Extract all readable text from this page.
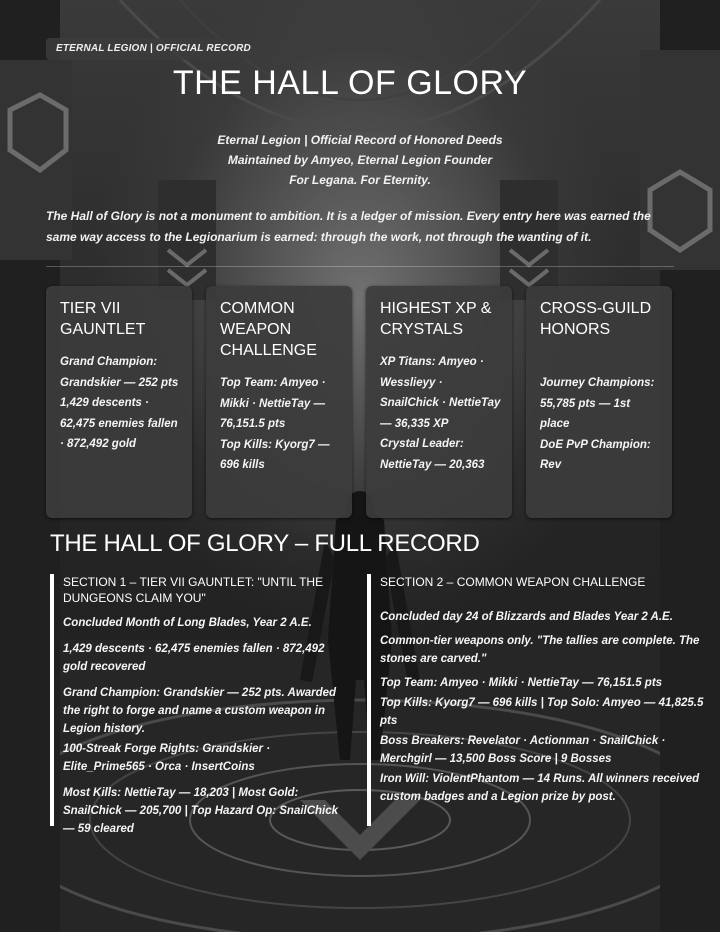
ETERNAL LEGION | OFFICIAL RECORD
THE HALL OF GLORY
Eternal Legion | Official Record of Honored Deeds
Maintained by Amyeo, Eternal Legion Founder
For Legana. For Eternity.
The Hall of Glory is not a monument to ambition. It is a ledger of mission. Every entry here was earned the same way access to the Legionarium is earned: through the work, not through the wanting of it.
TIER VII GAUNTLET
Grand Champion: Grandskier — 252 pts
1,429 descents · 62,475 enemies fallen · 872,492 gold
COMMON WEAPON CHALLENGE
Top Team: Amyeo · Mikki · NettieTay — 76,151.5 pts
Top Kills: Kyorg7 — 696 kills
HIGHEST XP & CRYSTALS
XP Titans: Amyeo · Wesslieyy · SnailChick · NettieTay — 36,335 XP
Crystal Leader: NettieTay — 20,363
CROSS-GUILD HONORS
Journey Champions: 55,785 pts — 1st place
DoE PvP Champion: Rev
THE HALL OF GLORY – FULL RECORD
SECTION 1 – TIER VII GAUNTLET: "UNTIL THE DUNGEONS CLAIM YOU"
Concluded Month of Long Blades, Year 2 A.E.
1,429 descents · 62,475 enemies fallen · 872,492 gold recovered
Grand Champion: Grandskier — 252 pts. Awarded the right to forge and name a custom weapon in Legion history.
100-Streak Forge Rights: Grandskier · Elite_Prime565 · Orca · InsertCoins
Most Kills: NettieTay — 18,203 | Most Gold: SnailChick — 205,700 | Top Hazard Op: SnailChick — 59 cleared
SECTION 2 – COMMON WEAPON CHALLENGE
Concluded day 24 of Blizzards and Blades Year 2 A.E.
Common-tier weapons only. "The tallies are complete. The stones are carved."
Top Team: Amyeo · Mikki · NettieTay — 76,151.5 pts
Top Kills: Kyorg7 — 696 kills | Top Solo: Amyeo — 41,825.5 pts
Boss Breakers: Revelator · Actionman · SnailChick · Merchgirl — 13,500 Boss Score | 9 Bosses
Iron Will: ViolentPhantom — 14 Runs. All winners received custom badges and a Legion prize by post.
